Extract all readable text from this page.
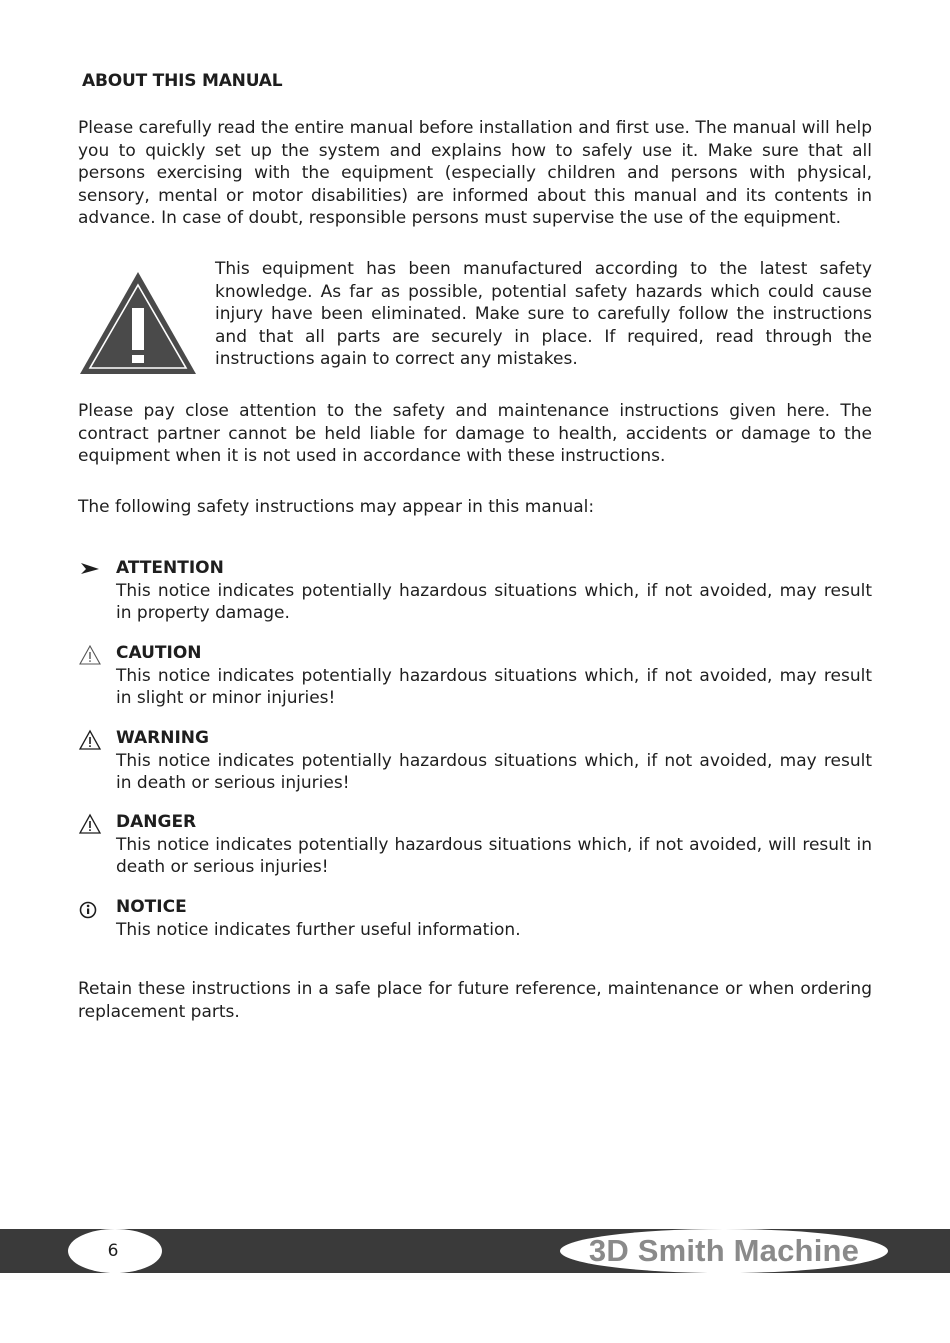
ABOUT THIS MANUAL
Please carefully read the entire manual before installation and first use. The manual will help you to quickly set up the system and explains how to safely use it. Make sure that all persons exercising with the equipment (especially children and persons with physical, sensory, mental or motor disabilities) are informed about this manual and its contents in advance. In case of doubt, responsible persons must supervise the use of the equipment.
This equipment has been manufactured according to the latest safety knowledge. As far as possible, potential safety hazards which could cause injury have been eliminated. Make sure to carefully follow the instructions and that all parts are securely in place. If required, read through the instructions again to correct any mistakes.
Please pay close attention to the safety and maintenance instructions given here. The contract partner cannot be held liable for damage to health, accidents or damage to the equipment when it is not used in accordance with these instructions.
The following safety instructions may appear in this manual:
ATTENTION
This notice indicates potentially hazardous situations which, if not avoided, may result in property damage.
CAUTION
This notice indicates potentially hazardous situations which, if not avoided, may result in slight or minor injuries!
WARNING
This notice indicates potentially hazardous situations which, if not avoided, may result in death or serious injuries!
DANGER
This notice indicates potentially hazardous situations which, if not avoided, will result in death or serious injuries!
NOTICE
This notice indicates further useful information.
Retain these instructions in a safe place for future reference, maintenance or when ordering replacement parts.
6	3D Smith Machine
